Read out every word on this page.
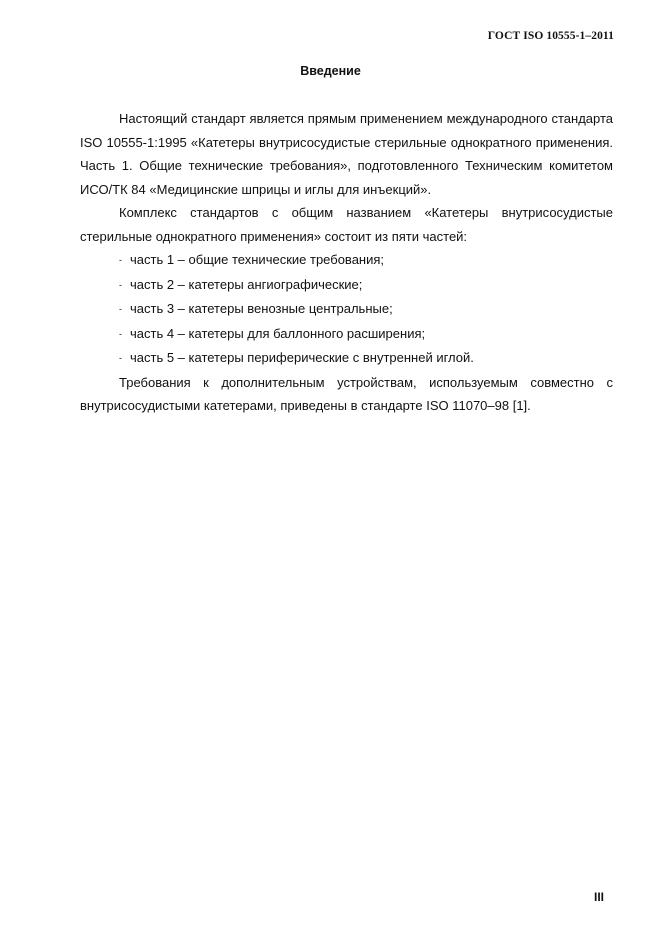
ГОСТ ISO 10555-1–2011

Введение

Настоящий стандарт является прямым применением международного стандарта ISO 10555-1:1995 «Катетеры внутрисосудистые стерильные однократного применения. Часть 1. Общие технические требования», подготовленного Техническим комитетом ИСО/ТК 84 «Медицинские шприцы и иглы для инъекций».

Комплекс стандартов с общим названием «Катетеры внутрисосудистые стерильные однократного применения» состоит из пяти частей:

- часть 1 – общие технические требования;
- часть 2 – катетеры ангиографические;
- часть 3 – катетеры венозные центральные;
- часть 4 – катетеры для баллонного расширения;
- часть 5 – катетеры периферические с внутренней иглой.

Требования к дополнительным устройствам, используемым совместно с внутрисосудистыми катетерами, приведены в стандарте ISO 11070–98 [1].

III
